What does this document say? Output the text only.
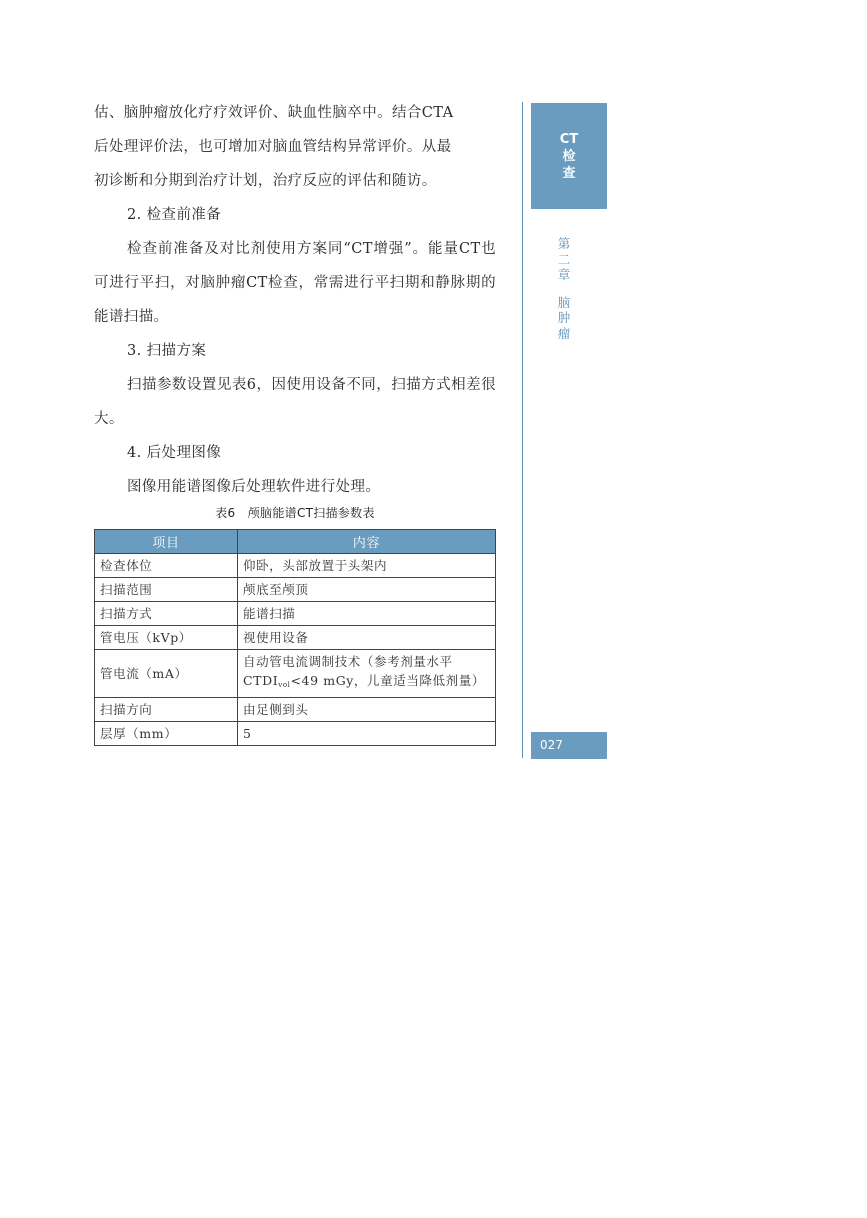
估、脑肿瘤放化疗疗效评价、缺血性脑卒中。结合CTA

后处理评价法，也可增加对脑血管结构异常评价。从最

初诊断和分期到治疗计划，治疗反应的评估和随访。

2. 检查前准备

检查前准备及对比剂使用方案同“CT增强”。能量CT也可进行平扫，对脑肿瘤CT检查，常需进行平扫期和静脉期的能谱扫描。

3. 扫描方案

扫描参数设置见表6，因使用设备不同，扫描方式相差很大。

4. 后处理图像

图像用能谱图像后处理软件进行处理。

表6　颅脑能谱CT扫描参数表
项目	内容
检查体位	仰卧，头部放置于头架内
扫描范围	颅底至颅顶
扫描方式	能谱扫描
管电压（kVp）	视使用设备
管电流（mA）	自动管电流调制技术（参考剂量水平
$CTDI_{vol}<49$ mGy，儿童适当降低剂量）
扫描方向	由足侧到头
层厚（mm）	5
CT
检
查
第
二
章
脑
肿
瘤
027
